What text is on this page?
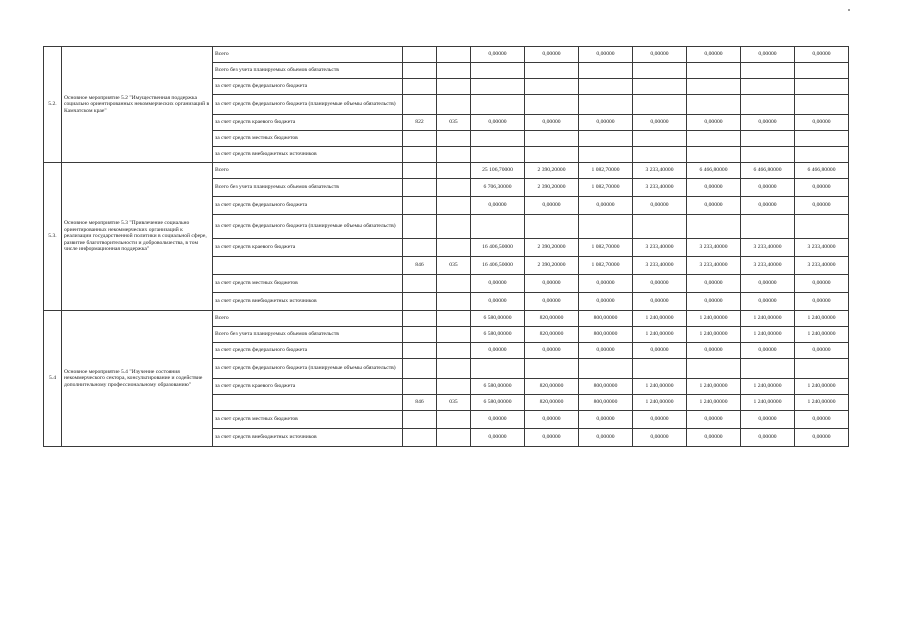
5.2.	Основное мероприятие 5.2 "Имущественная поддержка социально ориентированных некоммерческих организаций в Камчатском крае"	Всего			0,00000	0,00000	0,00000	0,00000	0,00000	0,00000	0,00000
		Всего без учета планируемых объемов обязательств									
		за счет средств федерального бюджета									
		за счет средств федерального бюджета (планируемые объемы обязательств)									
		за счет средств краевого бюджета	822	035	0,00000	0,00000	0,00000	0,00000	0,00000	0,00000	0,00000
		за счет средств местных бюджетов									
		за счет средств внебюджетных источников									
5.3.	Основное мероприятие 5.3 "Привлечение социально ориентированных некоммерческих организаций к реализации государственной политики в социальной сфере, развитие благотворительности и добровольчества, в том числе информационная поддержка"	Всего			25 106,70000	2 390,20000	1 082,70000	3 233,40000	6 466,80000	6 466,80000	6 466,80000
		Всего без учета планируемых объемов обязательств			6 706,30000	2 390,20000	1 082,70000	3 233,40000	0,00000	0,00000	0,00000
		за счет средств федерального бюджета			0,00000	0,00000	0,00000	0,00000	0,00000	0,00000	0,00000
		за счет средств федерального бюджета (планируемые объемы обязательств)									
		за счет средств краевого бюджета			16 406,50000	2 390,20000	1 082,70000	3 233,40000	3 233,40000	3 233,40000	3 233,40000
			846	035	16 406,50000	2 390,20000	1 082,70000	3 233,40000	3 233,40000	3 233,40000	3 233,40000
		за счет средств местных бюджетов			0,00000	0,00000	0,00000	0,00000	0,00000	0,00000	0,00000
		за счет средств внебюджетных источников			0,00000	0,00000	0,00000	0,00000	0,00000	0,00000	0,00000
5.4	Основное мероприятие 5.4 "Изучение состояния некоммерческого сектора, консультирование и содействие дополнительному профессиональному образованию"	Всего			6 580,00000	820,00000	800,00000	1 240,00000	1 240,00000	1 240,00000	1 240,00000
		Всего без учета планируемых объемов обязательств			6 580,00000	820,00000	800,00000	1 240,00000	1 240,00000	1 240,00000	1 240,00000
		за счет средств федерального бюджета			0,00000	0,00000	0,00000	0,00000	0,00000	0,00000	0,00000
		за счет средств федерального бюджета (планируемые объемы обязательств)									
		за счет средств краевого бюджета			6 580,00000	820,00000	800,00000	1 240,00000	1 240,00000	1 240,00000	1 240,00000
			846	035	6 580,00000	820,00000	800,00000	1 240,00000	1 240,00000	1 240,00000	1 240,00000
		за счет средств местных бюджетов			0,00000	0,00000	0,00000	0,00000	0,00000	0,00000	0,00000
		за счет средств внебюджетных источников			0,00000	0,00000	0,00000	0,00000	0,00000	0,00000	0,00000
